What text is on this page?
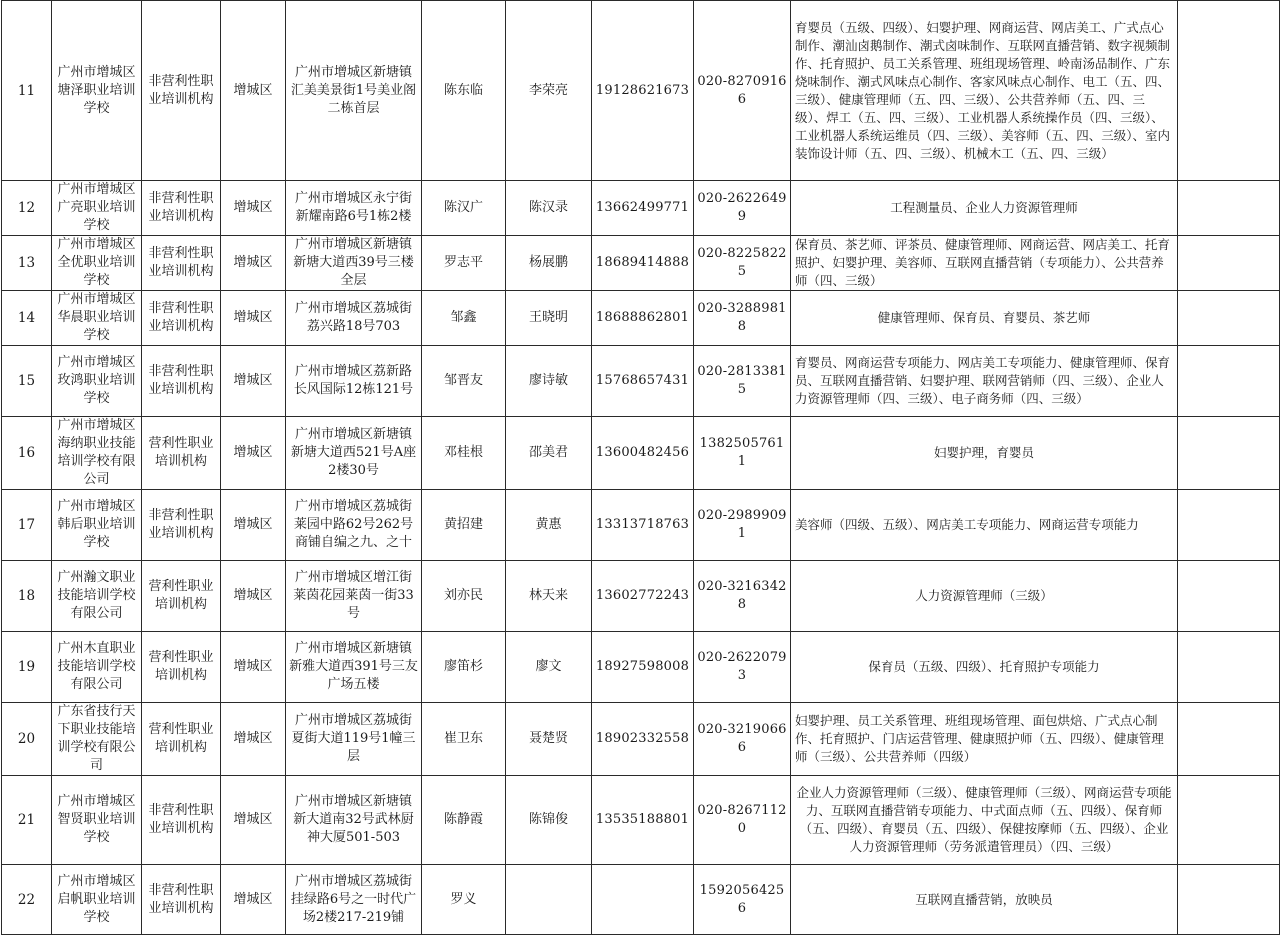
11	广州市增城区塘泽职业培训学校	非营利性职业培训机构	增城区	广州市增城区新塘镇汇美美景街1号美业阁二栋首层	陈东临	李荣亮	19128621673	020-82709166	育婴员（五级、四级）、妇婴护理、网商运营、网店美工、广式点心制作、潮汕卤鹅制作、潮式卤味制作、互联网直播营销、数字视频制作、托育照护、员工关系管理、班组现场管理、岭南汤品制作、广东烧味制作、潮式风味点心制作、客家风味点心制作、电工（五、四、三级）、健康管理师（五、四、三级）、公共营养师（五、四、三级）、焊工（五、四、三级）、工业机器人系统操作员（四、三级）、工业机器人系统运维员（四、三级）、美容师（五、四、三级）、室内装饰设计师（五、四、三级）、机械木工（五、四、三级）	
12	广州市增城区广亮职业培训学校	非营利性职业培训机构	增城区	广州市增城区永宁街新耀南路6号1栋2楼	陈汉广	陈汉录	13662499771	020-26226499	工程测量员、企业人力资源管理师	
13	广州市增城区全优职业培训学校	非营利性职业培训机构	增城区	广州市增城区新塘镇新塘大道西39号三楼全层	罗志平	杨展鹏	18689414888	020-82258225	保育员、茶艺师、评茶员、健康管理师、网商运营、网店美工、托育照护、妇婴护理、美容师、互联网直播营销（专项能力）、公共营养师（四、三级）	
14	广州市增城区华晨职业培训学校	非营利性职业培训机构	增城区	广州市增城区荔城街荔兴路18号703	邹鑫	王晓明	18688862801	020-32889818	健康管理师、保育员、育婴员、茶艺师	
15	广州市增城区玫鸿职业培训学校	非营利性职业培训机构	增城区	广州市增城区荔新路长风国际12栋121号	邹晋友	廖诗敏	15768657431	020-28133815	育婴员、网商运营专项能力、网店美工专项能力、健康管理师、保育员、互联网直播营销、妇婴护理、联网营销师（四、三级）、企业人力资源管理师（四、三级）、电子商务师（四、三级）	
16	广州市增城区海纳职业技能培训学校有限公司	营利性职业培训机构	增城区	广州市增城区新塘镇新塘大道西521号A座2楼30号	邓桂根	邵美君	13600482456	13825057611	妇婴护理，育婴员	
17	广州市增城区韩后职业培训学校	非营利性职业培训机构	增城区	广州市增城区荔城街莱园中路62号262号商铺自编之九、之十	黄招建	黄惠	13313718763	020-29899091	美容师（四级、五级）、网店美工专项能力、网商运营专项能力	
18	广州瀚文职业技能培训学校有限公司	营利性职业培训机构	增城区	广州市增城区增江街莱茵花园莱茵一街33号	刘亦民	林天来	13602772243	020-32163428	人力资源管理师（三级）	
19	广州木直职业技能培训学校有限公司	营利性职业培训机构	增城区	广州市增城区新塘镇新雅大道西391号三友广场五楼	廖笛杉	廖文	18927598008	020-26220793	保育员（五级、四级）、托育照护专项能力	
20	广东省技行天下职业技能培训学校有限公司	营利性职业培训机构	增城区	广州市增城区荔城街夏街大道119号1幢三层	崔卫东	聂楚贤	18902332558	020-32190666	妇婴护理、员工关系管理、班组现场管理、面包烘焙、广式点心制作、托育照护、门店运营管理、健康照护师（五、四级）、健康管理师（三级）、公共营养师（四级）	
21	广州市增城区智贤职业培训学校	非营利性职业培训机构	增城区	广州市增城区新塘镇新大道南32号武林厨神大厦501-503	陈静霞	陈锦俊	13535188801	020-82671120	企业人力资源管理师（三级）、健康管理师（三级）、网商运营专项能力、互联网直播营销专项能力、中式面点师（五、四级）、保育师（五、四级）、育婴员（五、四级）、保健按摩师（五、四级）、企业人力资源管理师（劳务派遣管理员）（四、三级）	
22	广州市增城区启帆职业培训学校	非营利性职业培训机构	增城区	广州市增城区荔城街挂绿路6号之一时代广场2楼217-219铺	罗义			15920564256	互联网直播营销，放映员	
